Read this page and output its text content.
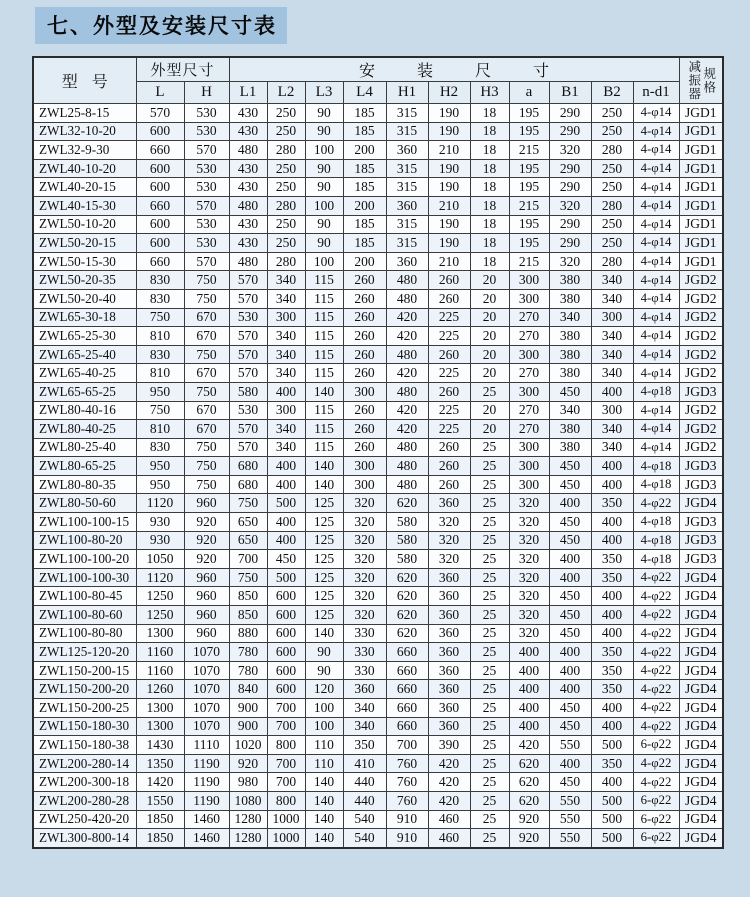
七、外型及安装尺寸表
型号	外型尺寸		安装尺寸											减振器 规格

	L	H	L1	L2	L3	L4	H1	H2	H3	a	B1	B2	n-d1	
ZWL25-8-15	570	530	430	250	90	185	315	190	18	195	290	250	4-φ14	JGD1
ZWL32-10-20	600	530	430	250	90	185	315	190	18	195	290	250	4-φ14	JGD1
ZWL32-9-30	660	570	480	280	100	200	360	210	18	215	320	280	4-φ14	JGD1
ZWL40-10-20	600	530	430	250	90	185	315	190	18	195	290	250	4-φ14	JGD1
ZWL40-20-15	600	530	430	250	90	185	315	190	18	195	290	250	4-φ14	JGD1
ZWL40-15-30	660	570	480	280	100	200	360	210	18	215	320	280	4-φ14	JGD1
ZWL50-10-20	600	530	430	250	90	185	315	190	18	195	290	250	4-φ14	JGD1
ZWL50-20-15	600	530	430	250	90	185	315	190	18	195	290	250	4-φ14	JGD1
ZWL50-15-30	660	570	480	280	100	200	360	210	18	215	320	280	4-φ14	JGD1
ZWL50-20-35	830	750	570	340	115	260	480	260	20	300	380	340	4-φ14	JGD2
ZWL50-20-40	830	750	570	340	115	260	480	260	20	300	380	340	4-φ14	JGD2
ZWL65-30-18	750	670	530	300	115	260	420	225	20	270	340	300	4-φ14	JGD2
ZWL65-25-30	810	670	570	340	115	260	420	225	20	270	380	340	4-φ14	JGD2
ZWL65-25-40	830	750	570	340	115	260	480	260	20	300	380	340	4-φ14	JGD2
ZWL65-40-25	810	670	570	340	115	260	420	225	20	270	380	340	4-φ14	JGD2
ZWL65-65-25	950	750	580	400	140	300	480	260	25	300	450	400	4-φ18	JGD3
ZWL80-40-16	750	670	530	300	115	260	420	225	20	270	340	300	4-φ14	JGD2
ZWL80-40-25	810	670	570	340	115	260	420	225	20	270	380	340	4-φ14	JGD2
ZWL80-25-40	830	750	570	340	115	260	480	260	25	300	380	340	4-φ14	JGD2
ZWL80-65-25	950	750	680	400	140	300	480	260	25	300	450	400	4-φ18	JGD3
ZWL80-80-35	950	750	680	400	140	300	480	260	25	300	450	400	4-φ18	JGD3
ZWL80-50-60	1120	960	750	500	125	320	620	360	25	320	400	350	4-φ22	JGD4
ZWL100-100-15	930	920	650	400	125	320	580	320	25	320	450	400	4-φ18	JGD3
ZWL100-80-20	930	920	650	400	125	320	580	320	25	320	450	400	4-φ18	JGD3
ZWL100-100-20	1050	920	700	450	125	320	580	320	25	320	400	350	4-φ18	JGD3
ZWL100-100-30	1120	960	750	500	125	320	620	360	25	320	400	350	4-φ22	JGD4
ZWL100-80-45	1250	960	850	600	125	320	620	360	25	320	450	400	4-φ22	JGD4
ZWL100-80-60	1250	960	850	600	125	320	620	360	25	320	450	400	4-φ22	JGD4
ZWL100-80-80	1300	960	880	600	140	330	620	360	25	320	450	400	4-φ22	JGD4
ZWL125-120-20	1160	1070	780	600	90	330	660	360	25	400	400	350	4-φ22	JGD4
ZWL150-200-15	1160	1070	780	600	90	330	660	360	25	400	400	350	4-φ22	JGD4
ZWL150-200-20	1260	1070	840	600	120	360	660	360	25	400	400	350	4-φ22	JGD4
ZWL150-200-25	1300	1070	900	700	100	340	660	360	25	400	450	400	4-φ22	JGD4
ZWL150-180-30	1300	1070	900	700	100	340	660	360	25	400	450	400	4-φ22	JGD4
ZWL150-180-38	1430	1110	1020	800	110	350	700	390	25	420	550	500	6-φ22	JGD4
ZWL200-280-14	1350	1190	920	700	110	410	760	420	25	620	400	350	4-φ22	JGD4
ZWL200-300-18	1420	1190	980	700	140	440	760	420	25	620	450	400	4-φ22	JGD4
ZWL200-280-28	1550	1190	1080	800	140	440	760	420	25	620	550	500	6-φ22	JGD4
ZWL250-420-20	1850	1460	1280	1000	140	540	910	460	25	920	550	500	6-φ22	JGD4
ZWL300-800-14	1850	1460	1280	1000	140	540	910	460	25	920	550	500	6-φ22	JGD4
